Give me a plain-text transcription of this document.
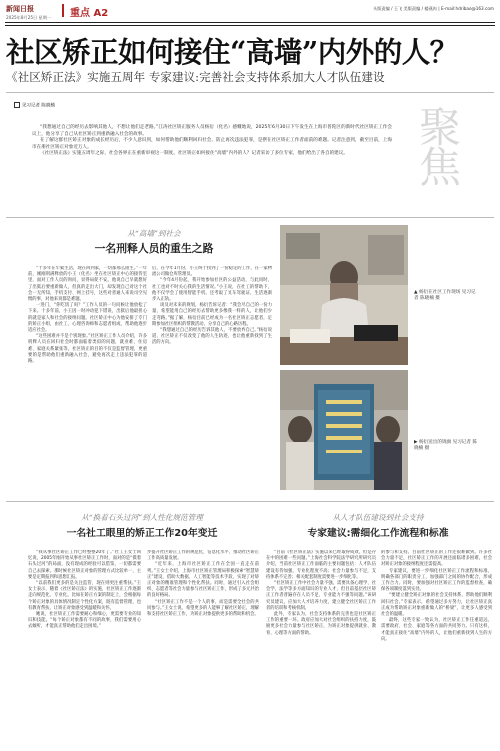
新闻日报
2025年8月25日 星期一 重点 A2	头版责编 / 王飞 美版责编 / 楼燕冉 | E-mail:hdribao@163.com
社区矫正如何接住“高墙”内外的人？
《社区矫正法》实施五周年 专家建议:完善社会支持体系加大人才队伍建设
见习记者 陈晓楠	聚焦

“我想通过自己的经历去影响其他人，不想让他们走老路。”江涛社区矫正服务人员杨衍（化名）感慨地说，2025年6月30日下午发生在上海市普陀区的新时代社区矫正工作会议上，他分享了自己从社区矫正到重新融入社会的故事。

在了解这群社区矫正对象的成长经历后，不少人意识到，如何帮助他们顺利回归社会、防止再次违法犯罪，是摆在社区矫正工作者面前的难题。记者注意到，截至目前，上海市在册社区矫正对象近万人。

《社区矫正法》实施五周年之际，社会各界正在重新审视这一制度。社区矫正如何接住“高墙”内外的人？记者采访了多位专家，他们给出了各自的建议。

从“高墙”到社会
一名刑释人员的重生之路

“十多年在牢狱生活，现在回到家，一切都那么陌生。”一年前，刚刚刑满释放的小王（化名）坐在社区矫正中心的接待室里，面对工作人员的询问，显得局促不安。他说自己早就想好了出狱后要重新做人，但真的走出大门，却发现自己对这个社会一无所知，手机支付、网上挂号，这些对普通人来说司空见惯的事，对他来说都是难题。

一进门，“你吃饭了吗？”工作人员的一句问候让他放松了下来。十多年前，小王因一时冲动犯下错误，出狱后他最担心的就是家人和社会的接纳问题。社区矫正中心为他安排了专门的矫正小组，由社工、心理咨询师和志愿者组成，帮助他逐步适应社会。

“这些困难并不是个别现象。”社区矫正工作人员介绍，许多刑释人员在回归社会时都面临着类似的问题，就业难、住房难、家庭关系紧张等。社区矫正的目的不仅是监督管理，更重要的是帮助他们重新融入社会，避免再次走上违法犯罪的道路。

后，在今年1月份，小王终于找到了一份稳定的工作，在一家物流公司做仓库管理员。

“今年4月份起，我开始参加社区的公益活动，与此同时，社工也对不时关心我的生活情况。”小王说，在社工的帮助下，他不仅学会了使用智能手机，还考取了叉车驾驶证，生活逐渐步入正轨。

谈及对未来的规划，杨衍告诉记者：“我会尽自己的一份力量，希望能用自己的经历去帮助更多像我一样的人，让他们少走弯路。”据了解，杨衍目前已经成为一名社区矫正志愿者，定期参加社区组织的帮教活动，分享自己的心路历程。

“我想通过自己的经历告诉其他人，不要放弃自己。”杨衍说道，社区矫正不仅改变了他的人生轨迹，也让他重新找到了生活的方向。

▲ 杨衍在社区工作现场 见习记者 陈晓楠 摄
▶ 杨衍送出的锦旗 见习记者 陈晓楠 摄
从“换着石头过河”到人性化规范管理
一名社工眼里的矫正工作20年变迁

“我从事社区矫正工作已经整整20年了。”社工王女士回忆说，2005年刚开始从事社区矫正工作时，面对的是“摸着石头过河”的局面，没有现成的经验可以借鉴，一切都需要自己去探索。那时候社区矫正对象的管理方式比较单一，主要是定期报到和思想汇报。

“以前我们更多的是关注监管，现在则更注重帮扶。”王女士表示，随着《社区矫正法》的实施，社区矫正工作逐渐走向规范化、专业化。比如在矫正方案的制定上，会根据每个矫正对象的具体情况制定个性化方案，既有监督管理，也有教育帮扶，让矫正对象感受到温暖和关怀。

她说，社区矫正工作需要耐心和细心，更需要专业的知识和技能。“每个矫正对象都有不同的故事，我们需要用心去倾听，才能真正帮助他们走出困境。”

步提升社区矫正工作的规范化、信息化水平，推动社区矫正工作高质量发展。

“近年来，上海市社区矫正工作在全国一直走在前列。”王女士介绍，上海市社区矫正管理局积极探索“智慧矫正”建设，借助大数据、人工智能等技术手段，实现了对矫正对象的精准管理和个性化帮扶。同时，通过引入社会组织、志愿者等社会力量参与社区矫正工作，形成了多元共治的良好格局。

“社区矫正工作不是一个人的事，而是需要全社会的共同参与。”王女士说，希望更多的人能够了解社区矫正，理解和支持社区矫正工作，为矫正对象提供更多的帮助和机会。

从人才队伍建设到社会支持
专家建议:需细化工作流程和标准

“目前《社区矫正法》实施以来已经取得成效，但是存在中的困难一些问题。”上海社会科学院法学研究所研究员介绍，当前社区矫正工作面临的主要问题包括：人才队伍建设有待加强，专业化程度不高；社会力量参与不足，支持体系不完善；相关配套制度需要进一步细化等。

“社区矫正工作中社会力量不强，需要具备心理学、社会学、法学等多方面知识的专业人才，但目前基层社区矫正工作者普遍存在人员不足、专业能力不强等问题。”该研究员建议，应加大人才培养力度，建立健全社区矫正工作者的培训和考核机制。

此外，专家认为，社会支持体系的完善也是社区矫正工作的重要一环。政府应加大对社会组织的扶持力度，鼓励更多社会力量参与社区矫正，为矫正对象提供就业、教育、心理等方面的帮助。

的参与和支持。目前社区矫正的工作还很难做到。许多社会力量不足，社区矫正工作的开展还面临诸多困难，社会对矫正对象的接纳程度还需提高。

专家建议，要进一步细化社区矫正工作流程和标准，明确各部门的职责分工，加强部门之间的协作配合，形成工作合力。同时，要加强对社区矫正工作的监督检查，确保各项制度落到实处。

“要建立健全矫正对象的社会支持体系，帮助他们顺利回归社会。”专家表示，希望通过多方努力，让社区矫正真正成为帮助矫正对象重新做人的“桥梁”，让更多人感受到社会的温暖。

最终，这些专家一致认为，社区矫正工作任重道远，需要政府、社会、家庭等各方面的共同努力。只有这样，才能真正接住“高墙”内外的人，让他们重新找到人生的方向。
